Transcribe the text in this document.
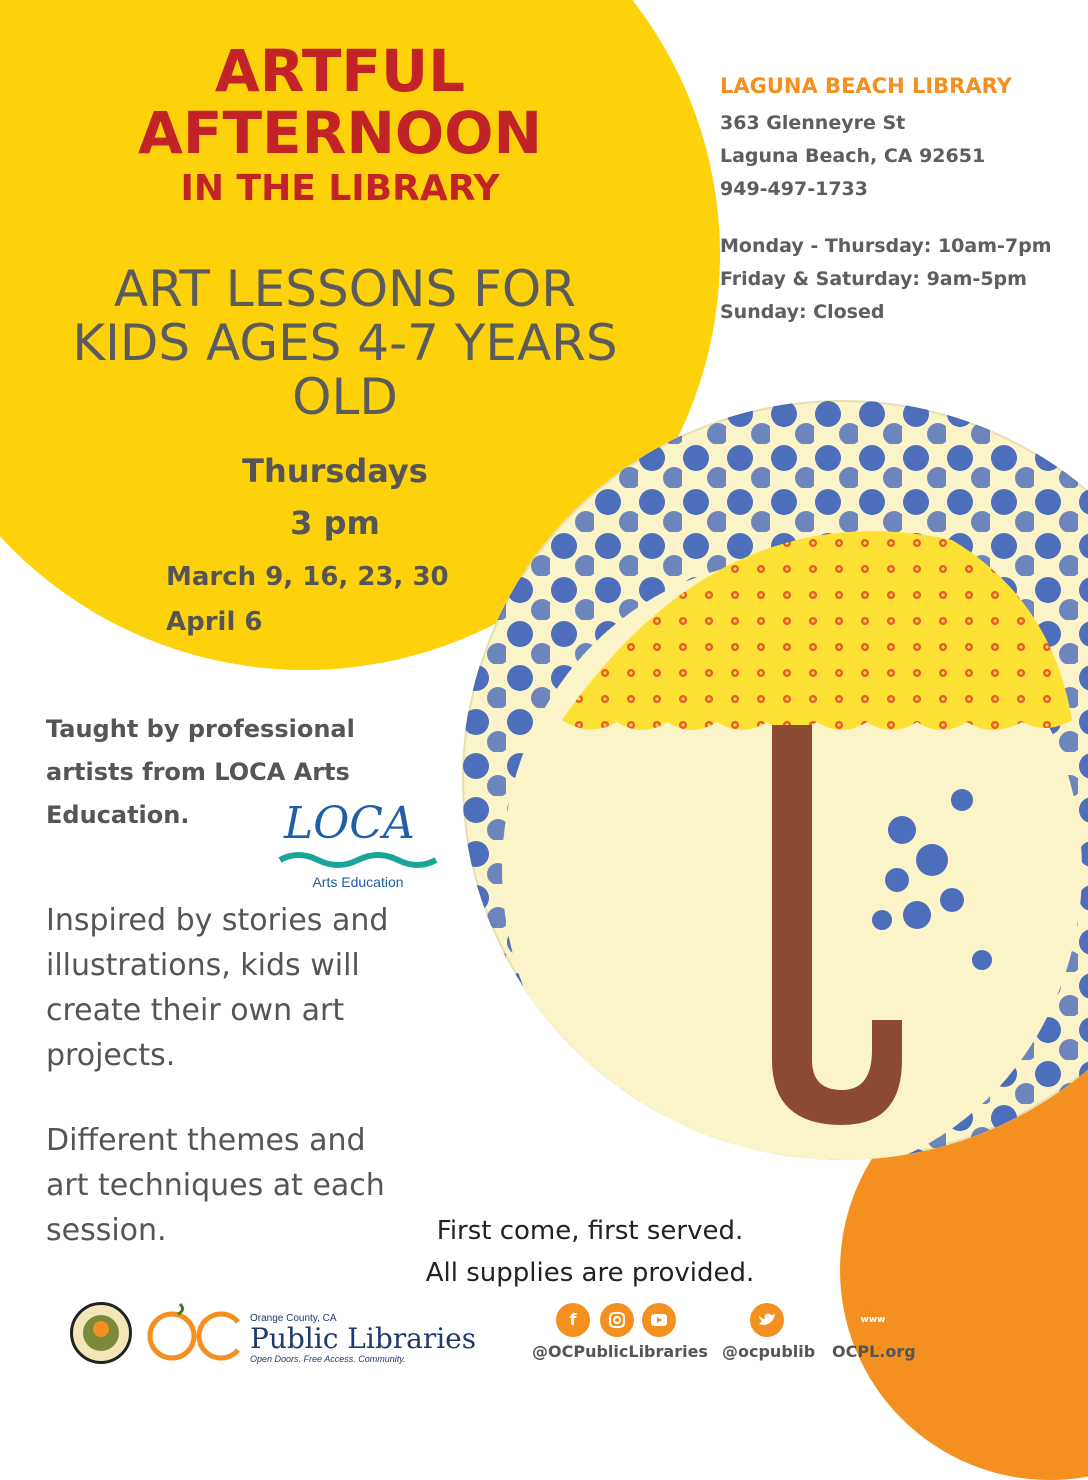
ARTFUL
AFTERNOON
IN THE LIBRARY
ART LESSONS FOR
KIDS AGES 4-7 YEARS
OLD
Thursdays
3 pm
March 9, 16, 23, 30
April 6
LAGUNA BEACH LIBRARY
363 Glenneyre St
Laguna Beach, CA 92651
949-497-1733
Monday - Thursday: 10am-7pm
Friday & Saturday: 9am-5pm
Sunday: Closed
Taught by professional
artists from LOCA Arts
Education.	LOCA
Arts Education
Inspired by stories and
illustrations, kids will
create their own art
projects.
Different themes and
art techniques at each
session.	First come, first served.
All supplies are provided.
Orange County, CA
Public Libraries
Open Doors. Free Access. Community.
f	www
@OCPublicLibraries @ocpublib OCPL.org
